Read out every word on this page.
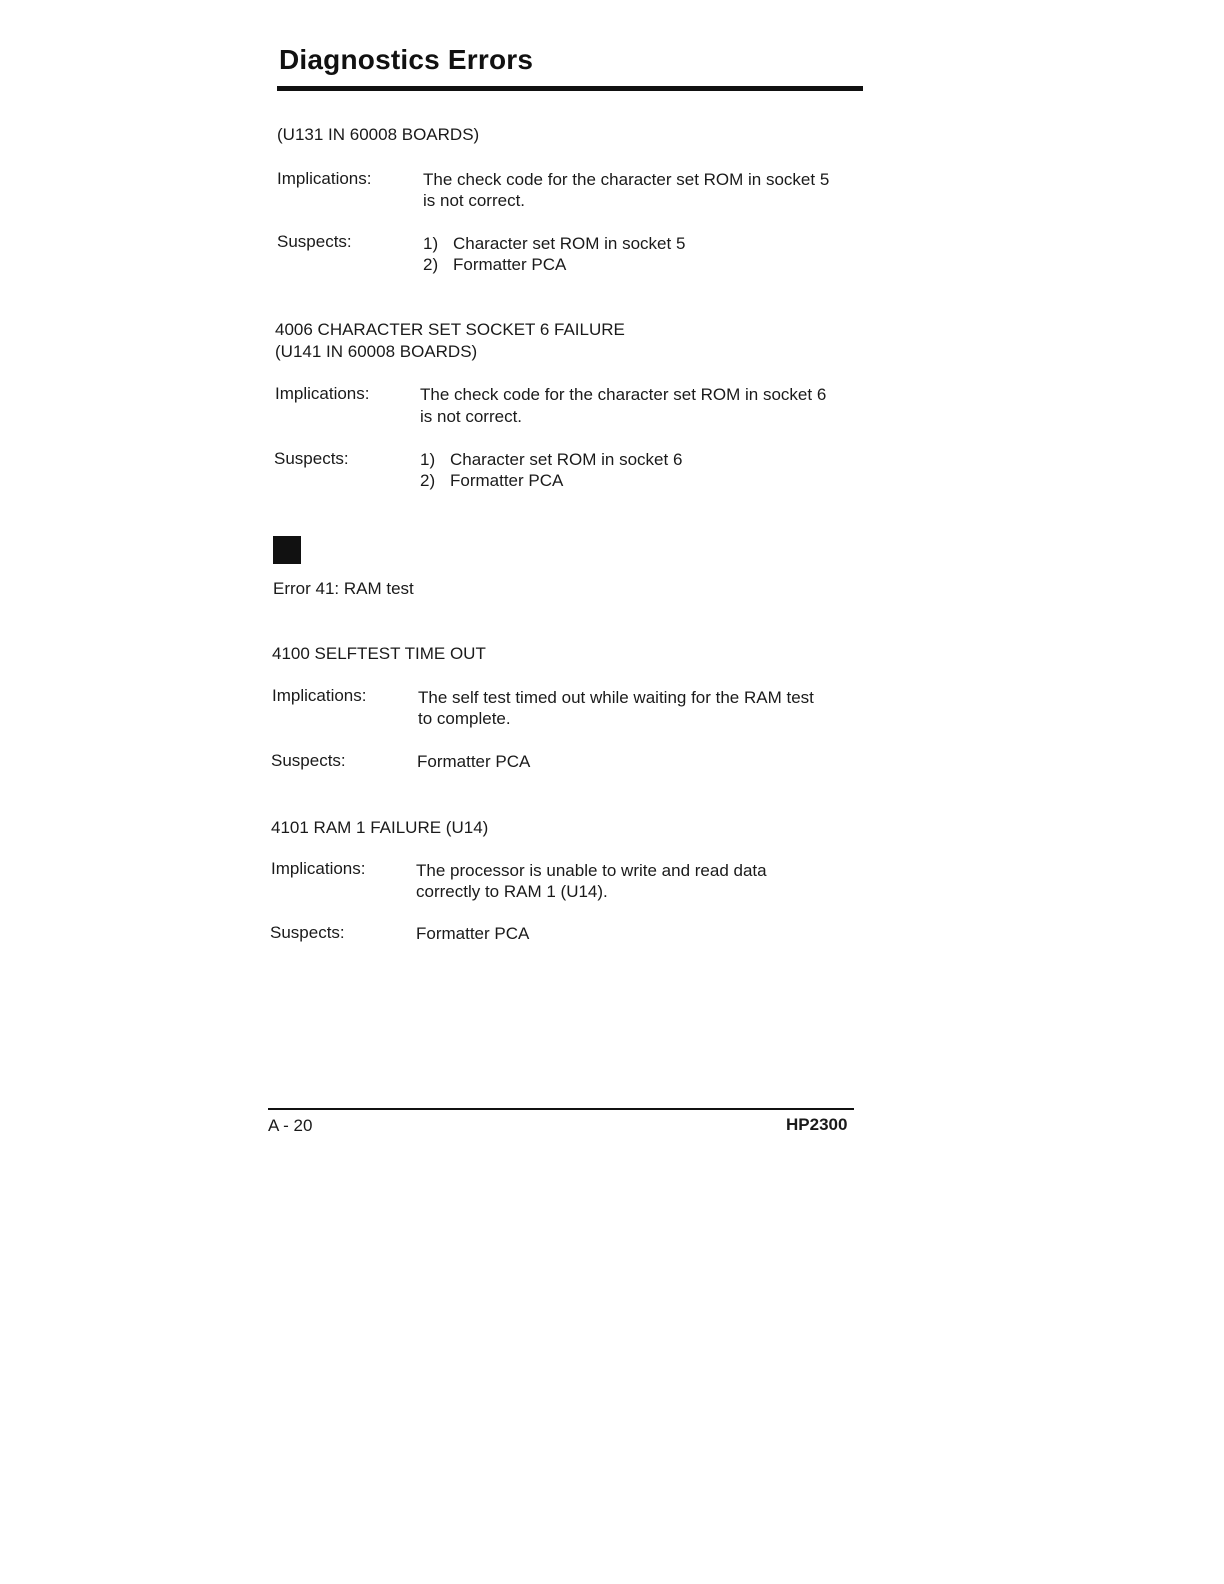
Diagnostics Errors
(U131 IN 60008 BOARDS)
Implications:	The check code for the character set ROM in socket 5
is not correct.
Suspects:	1) Character set ROM in socket 5
2) Formatter PCA
4006 CHARACTER SET SOCKET 6 FAILURE
(U141 IN 60008 BOARDS)
Implications:	The check code for the character set ROM in socket 6
is not correct.
Suspects:	1) Character set ROM in socket 6
2) Formatter PCA
Error 41: RAM test
4100 SELFTEST TIME OUT
Implications:	The self test timed out while waiting for the RAM test
to complete.
Suspects:	Formatter PCA
4101 RAM 1 FAILURE (U14)
Implications:	The processor is unable to write and read data
correctly to RAM 1 (U14).
Suspects:	Formatter PCA
A - 20	HP2300
